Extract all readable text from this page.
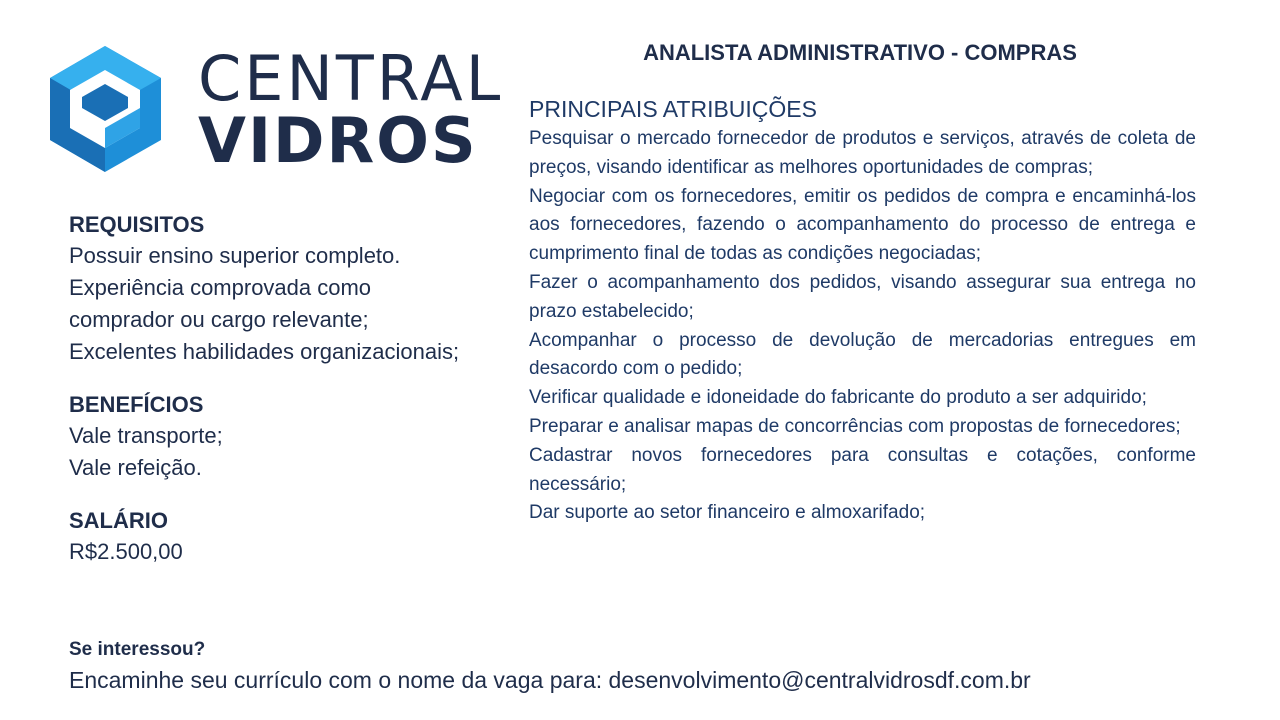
CENTRAL
VIDROS
ANALISTA ADMINISTRATIVO - COMPRAS

REQUISITOS

Possuir ensino superior completo.

Experiência comprovada como

comprador ou cargo relevante;

Excelentes habilidades organizacionais;

BENEFÍCIOS

Vale transporte;

Vale refeição.

SALÁRIO

R$2.500,00

PRINCIPAIS ATRIBUIÇÕES

Pesquisar o mercado fornecedor de produtos e serviços, através de coleta de preços, visando identificar as melhores oportunidades de compras;

Negociar com os fornecedores, emitir os pedidos de compra e encaminhá-los aos fornecedores, fazendo o acompanhamento do processo de entrega e cumprimento final de todas as condições negociadas;

Fazer o acompanhamento dos pedidos, visando assegurar sua entrega no prazo estabelecido;

Acompanhar o processo de devolução de mercadorias entregues em desacordo com o pedido;

Verificar qualidade e idoneidade do fabricante do produto a ser adquirido;

Preparar e analisar mapas de concorrências com propostas de fornecedores;

Cadastrar novos fornecedores para consultas e cotações, conforme necessário;

Dar suporte ao setor financeiro e almoxarifado;

Se interessou?
Encaminhe seu currículo com o nome da vaga para: desenvolvimento@centralvidrosdf.com.br
